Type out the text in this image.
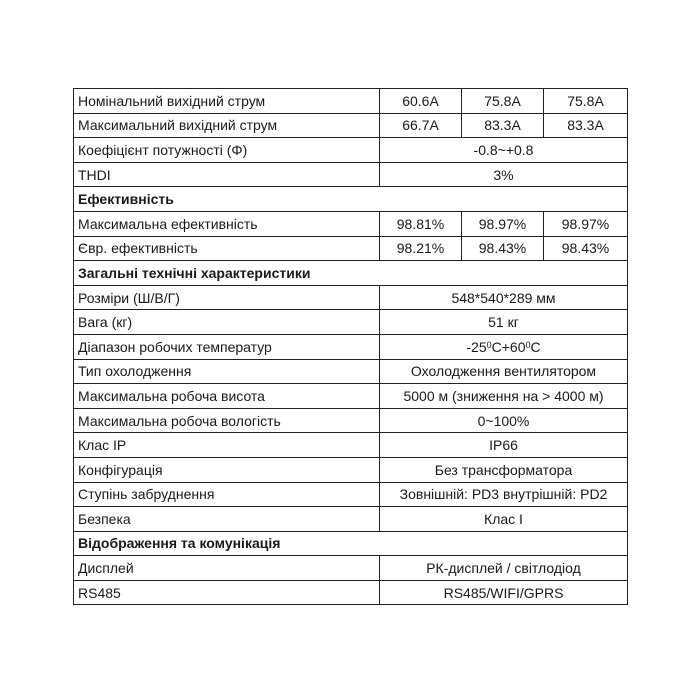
Номінальний вихідний струм	60.6A	75.8A	75.8A
Максимальний вихідний струм	66.7A	83.3A	83.3A
Коефіцієнт потужності (Φ)	-0.8~+0.8		
THDI	3%		
Ефективність			
Максимальна ефективність	98.81%	98.97%	98.97%
Євр. ефективність	98.21%	98.43%	98.43%
Загальні технічні характеристики			
Розміри (Ш/В/Г)	548*540*289 мм		
Вага (кг)	51 кг		
Діапазон робочих температур	$-25^0C+60^0C$		
Тип охолодження	Охолодження вентилятором		
Максимальна робоча висота	5000 м (зниження на > 4000 м)		
Максимальна робоча вологість	0~100%		
Клас IP	IP66		
Конфігурація	Без трансформатора		
Ступінь забруднення	Зовнішній: PD3 внутрішній: PD2		
Безпека	Клас I		
Відображення та комунікація			
Дисплей	РК-дисплей / світлодіод		
RS485	RS485/WIFI/GPRS		
